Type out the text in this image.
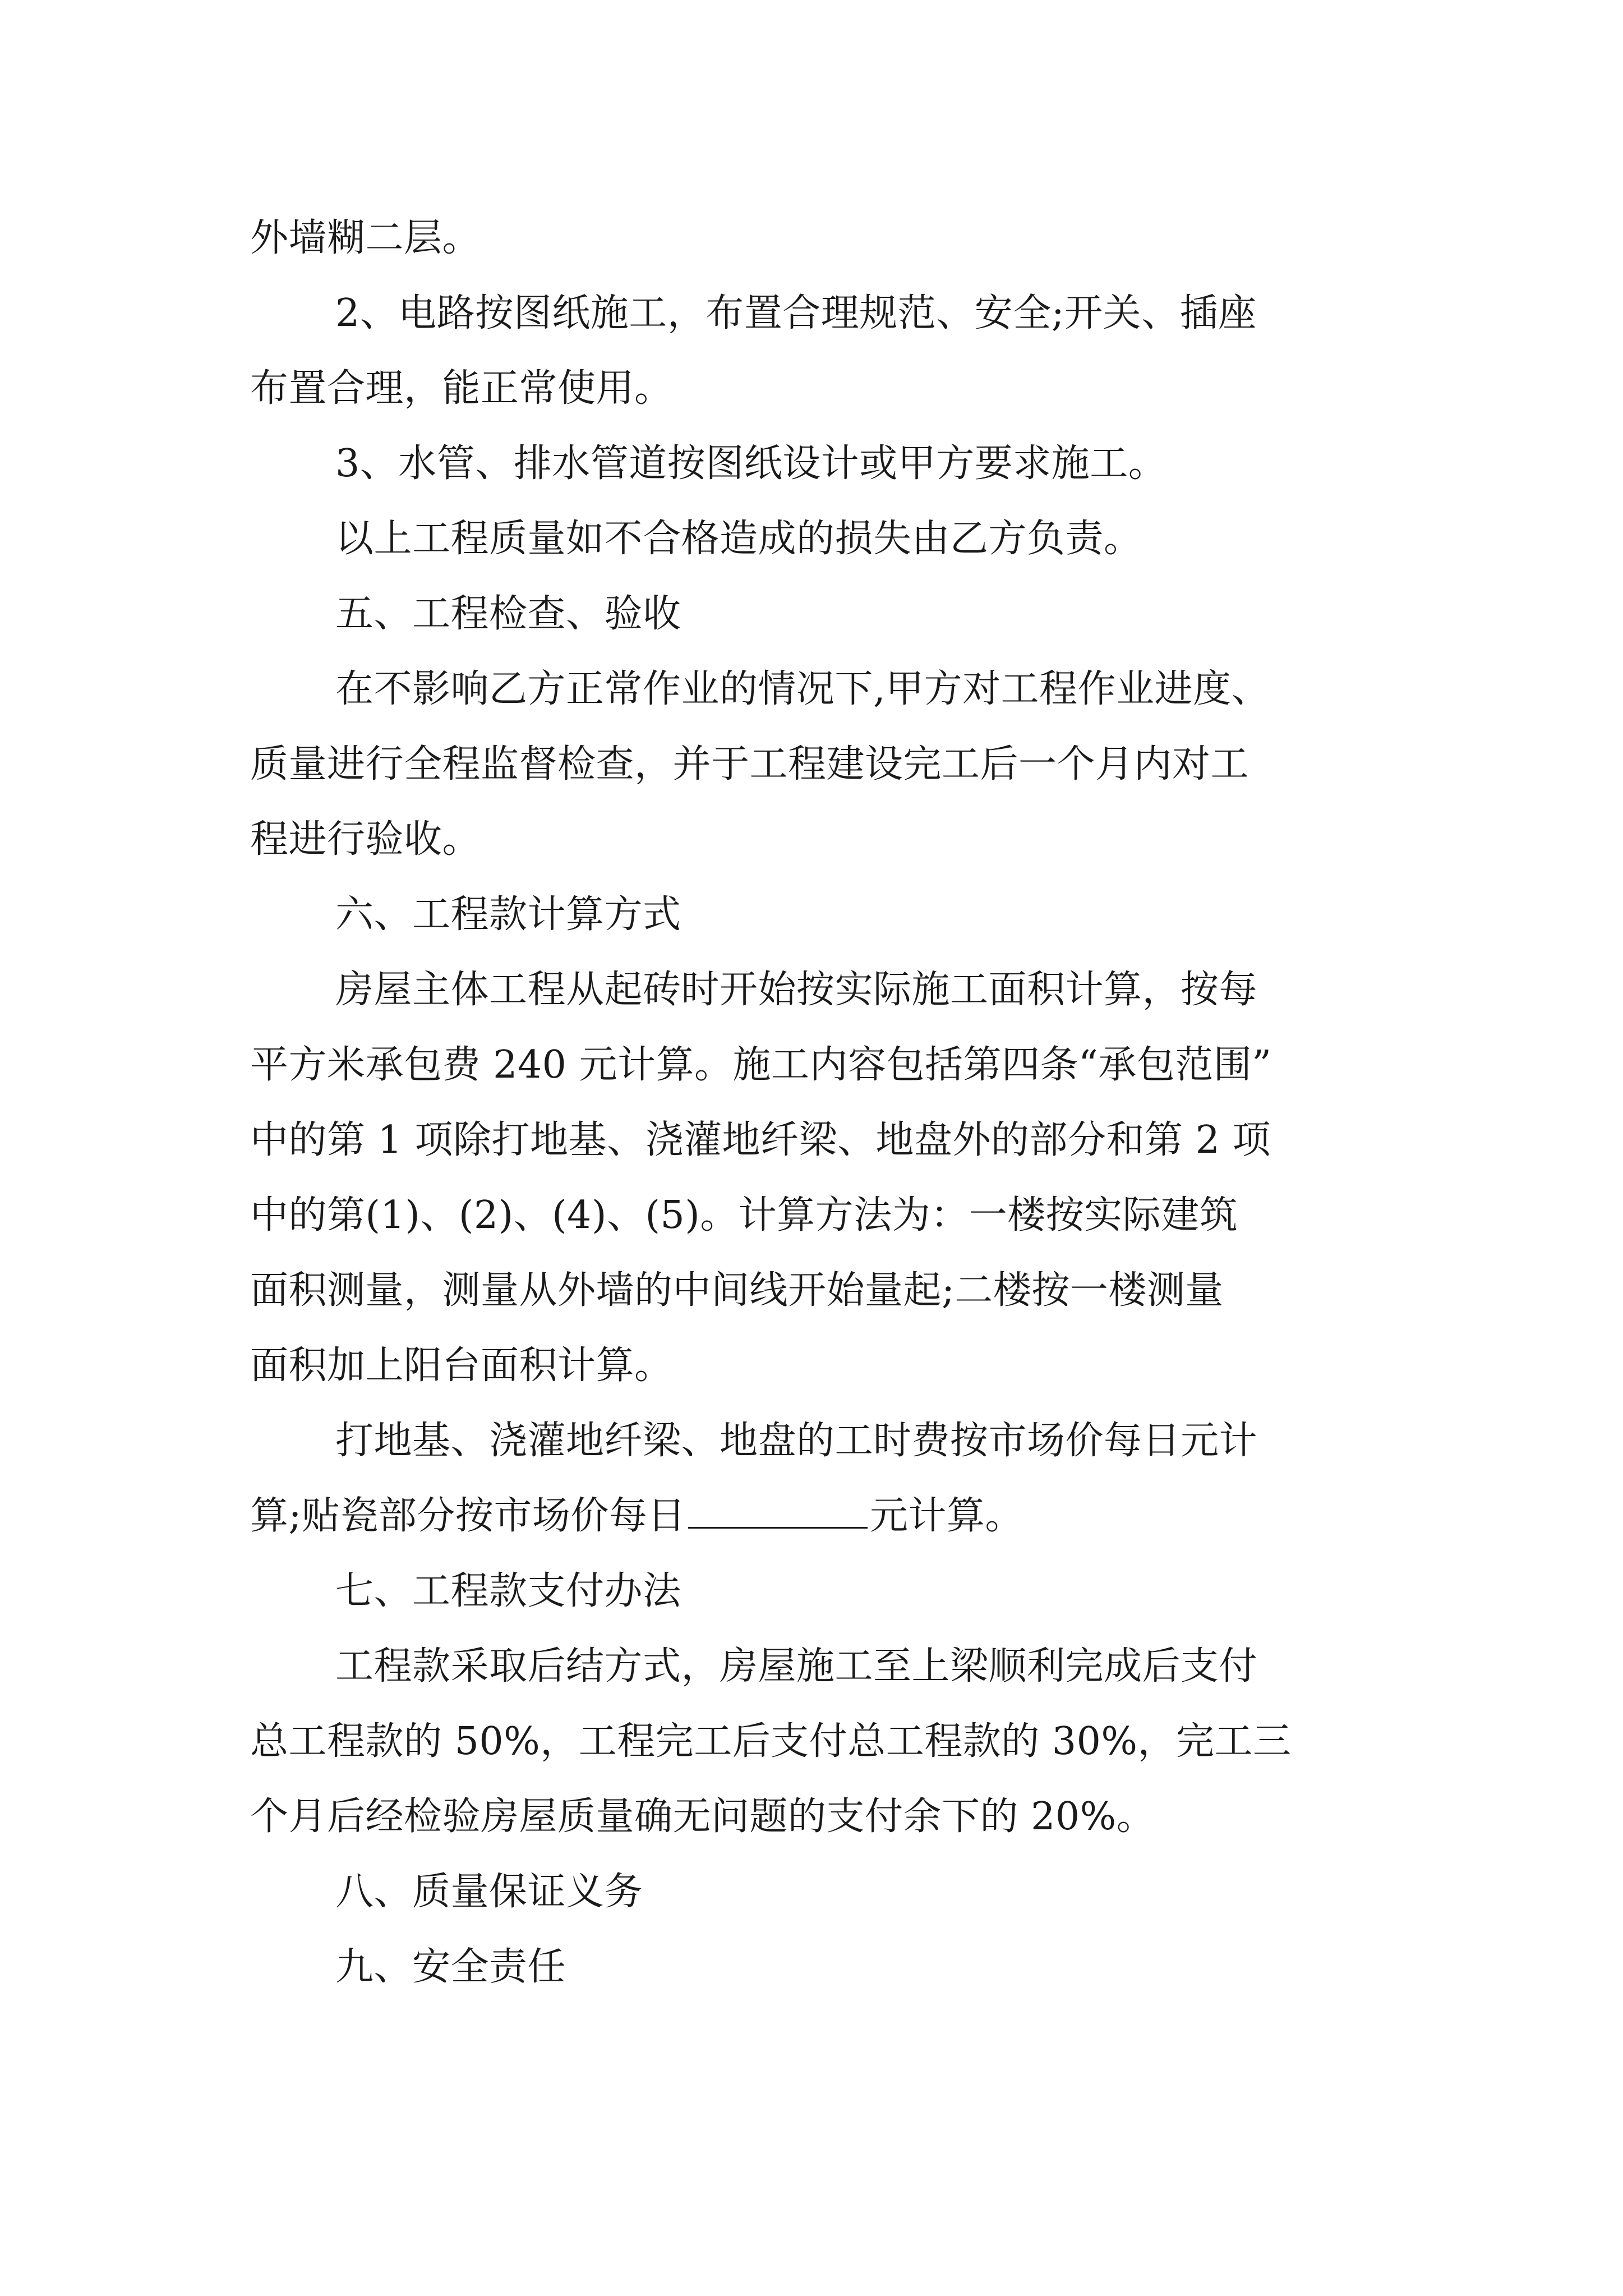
外墙糊二层。

2、电路按图纸施工，布置合理规范、安全;开关、插座

布置合理，能正常使用。

3、水管、排水管道按图纸设计或甲方要求施工。

以上工程质量如不合格造成的损失由乙方负责。

五、工程检查、验收

在不影响乙方正常作业的情况下,甲方对工程作业进度、

质量进行全程监督检查，并于工程建设完工后一个月内对工

程进行验收。

六、工程款计算方式

房屋主体工程从起砖时开始按实际施工面积计算，按每

平方米承包费 240 元计算。施工内容包括第四条“承包范围”

中的第 1 项除打地基、浇灌地纤梁、地盘外的部分和第 2 项

中的第(1)、(2)、(4)、(5)。计算方法为：一楼按实际建筑

面积测量，测量从外墙的中间线开始量起;二楼按一楼测量

面积加上阳台面积计算。

打地基、浇灌地纤梁、地盘的工时费按市场价每日元计

算;贴瓷部分按市场价每日	元计算。

七、工程款支付办法

工程款采取后结方式，房屋施工至上梁顺利完成后支付

总工程款的 50%，工程完工后支付总工程款的 30%，完工三

个月后经检验房屋质量确无问题的支付余下的 20%。

八、质量保证义务

九、安全责任
